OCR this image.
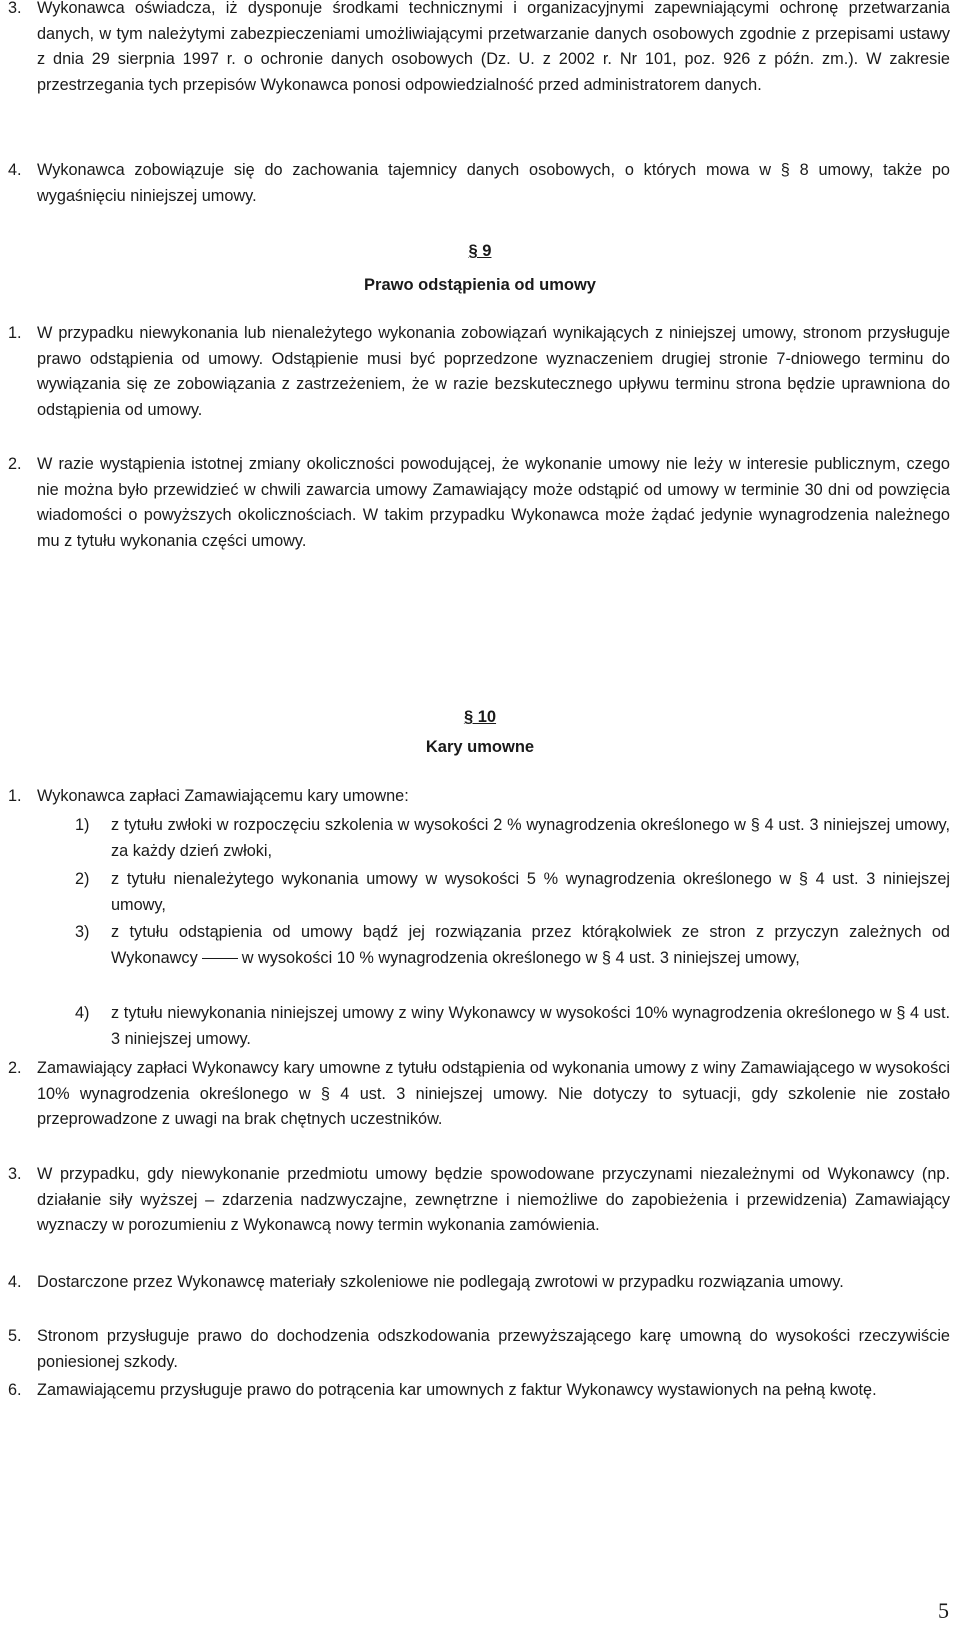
3. Wykonawca oświadcza, iż dysponuje środkami technicznymi i organizacyjnymi zapewniającymi ochronę przetwarzania danych, w tym należytymi zabezpieczeniami umożliwiającymi przetwarzanie danych osobowych zgodnie z przepisami ustawy z dnia 29 sierpnia 1997 r. o ochronie danych osobowych (Dz. U. z 2002 r. Nr 101, poz. 926 z późn. zm.). W zakresie przestrzegania tych przepisów Wykonawca ponosi odpowiedzialność przed administratorem danych.
4. Wykonawca zobowiązuje się do zachowania tajemnicy danych osobowych, o których mowa w § 8 umowy, także po wygaśnięciu niniejszej umowy.
§ 9
Prawo odstąpienia od umowy
1. W przypadku niewykonania lub nienależytego wykonania zobowiązań wynikających z niniejszej umowy, stronom przysługuje prawo odstąpienia od umowy. Odstąpienie musi być poprzedzone wyznaczeniem drugiej stronie 7-dniowego terminu do wywiązania się ze zobowiązania z zastrzeżeniem, że w razie bezskutecznego upływu terminu strona będzie uprawniona do odstąpienia od umowy.
2. W razie wystąpienia istotnej zmiany okoliczności powodującej, że wykonanie umowy nie leży w interesie publicznym, czego nie można było przewidzieć w chwili zawarcia umowy Zamawiający może odstąpić od umowy w terminie 30 dni od powzięcia wiadomości o powyższych okolicznościach. W takim przypadku Wykonawca może żądać jedynie wynagrodzenia należnego mu z tytułu wykonania części umowy.
§ 10
Kary umowne
1. Wykonawca zapłaci Zamawiającemu kary umowne:
1) z tytułu zwłoki w rozpoczęciu szkolenia w wysokości 2 % wynagrodzenia określonego w § 4 ust. 3 niniejszej umowy, za każdy dzień zwłoki,
2) z tytułu nienależytego wykonania umowy w wysokości 5 % wynagrodzenia określonego w § 4 ust. 3 niniejszej umowy,
3) z tytułu odstąpienia od umowy bądź jej rozwiązania przez którąkolwiek ze stron z przyczyn zależnych od Wykonawcy	w wysokości 10 % wynagrodzenia określonego w § 4 ust. 3 niniejszej umowy,
4) z tytułu niewykonania niniejszej umowy z winy Wykonawcy w wysokości 10% wynagrodzenia określonego w § 4 ust. 3 niniejszej umowy.
2. Zamawiający zapłaci Wykonawcy kary umowne z tytułu odstąpienia od wykonania umowy z winy Zamawiającego w wysokości 10% wynagrodzenia określonego w § 4 ust. 3 niniejszej umowy. Nie dotyczy to sytuacji, gdy szkolenie nie zostało przeprowadzone z uwagi na brak chętnych uczestników.
3. W przypadku, gdy niewykonanie przedmiotu umowy będzie spowodowane przyczynami niezależnymi od Wykonawcy (np. działanie siły wyższej – zdarzenia nadzwyczajne, zewnętrzne i niemożliwe do zapobieżenia i przewidzenia) Zamawiający wyznaczy w porozumieniu z Wykonawcą nowy termin wykonania zamówienia.
4. Dostarczone przez Wykonawcę materiały szkoleniowe nie podlegają zwrotowi w przypadku rozwiązania umowy.
5. Stronom przysługuje prawo do dochodzenia odszkodowania przewyższającego karę umowną do wysokości rzeczywiście poniesionej szkody.
6. Zamawiającemu przysługuje prawo do potrącenia kar umownych z faktur Wykonawcy wystawionych na pełną kwotę.
5
